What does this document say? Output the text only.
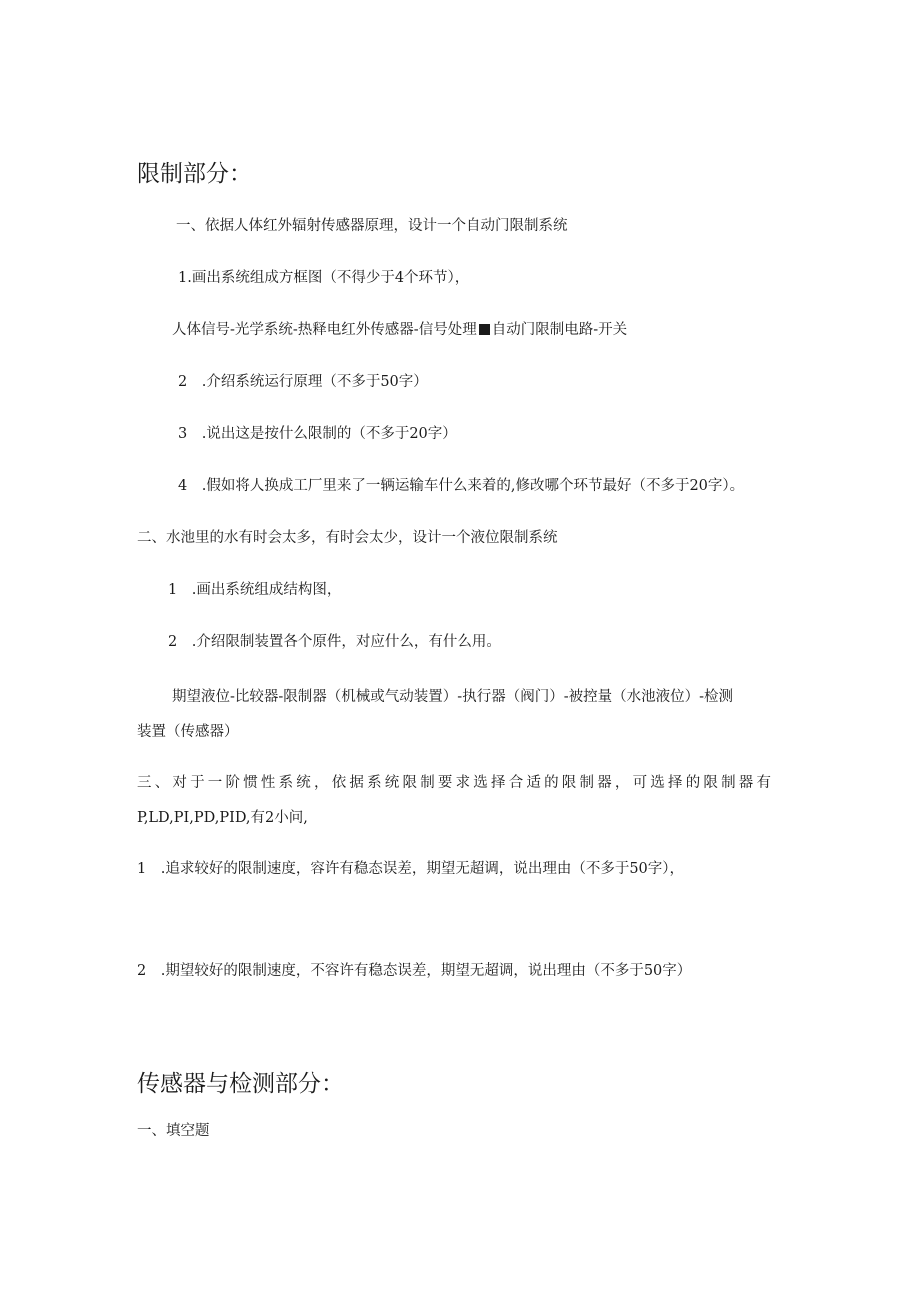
限制部分：

一、依据人体红外辐射传感器原理，设计一个自动门限制系统

1.画出系统组成方框图（不得少于4个环节），

人体信号-光学系统-热释电红外传感器-信号处理 自动门限制电路-开关

2　.介绍系统运行原理（不多于50字）

3　.说出这是按什么限制的（不多于20字）

4　.假如将人换成工厂里来了一辆运输车什么来着的,修改哪个环节最好（不多于20字）。

二、水池里的水有时会太多，有时会太少，设计一个液位限制系统

1　.画出系统组成结构图，

2　.介绍限制装置各个原件，对应什么，有什么用。

期望液位-比较器-限制器（机械或气动装置）-执行器（阀门）-被控量（水池液位）-检测

装置（传感器）

三、对于一阶惯性系统，依据系统限制要求选择合适的限制器，可选择的限制器有

P,LD,PI,PD,PID,有2小问,

1　.追求较好的限制速度，容许有稳态误差，期望无超调，说出理由（不多于50字），

2　.期望较好的限制速度，不容许有稳态误差，期望无超调，说出理由（不多于50字）

传感器与检测部分：

一、填空题
